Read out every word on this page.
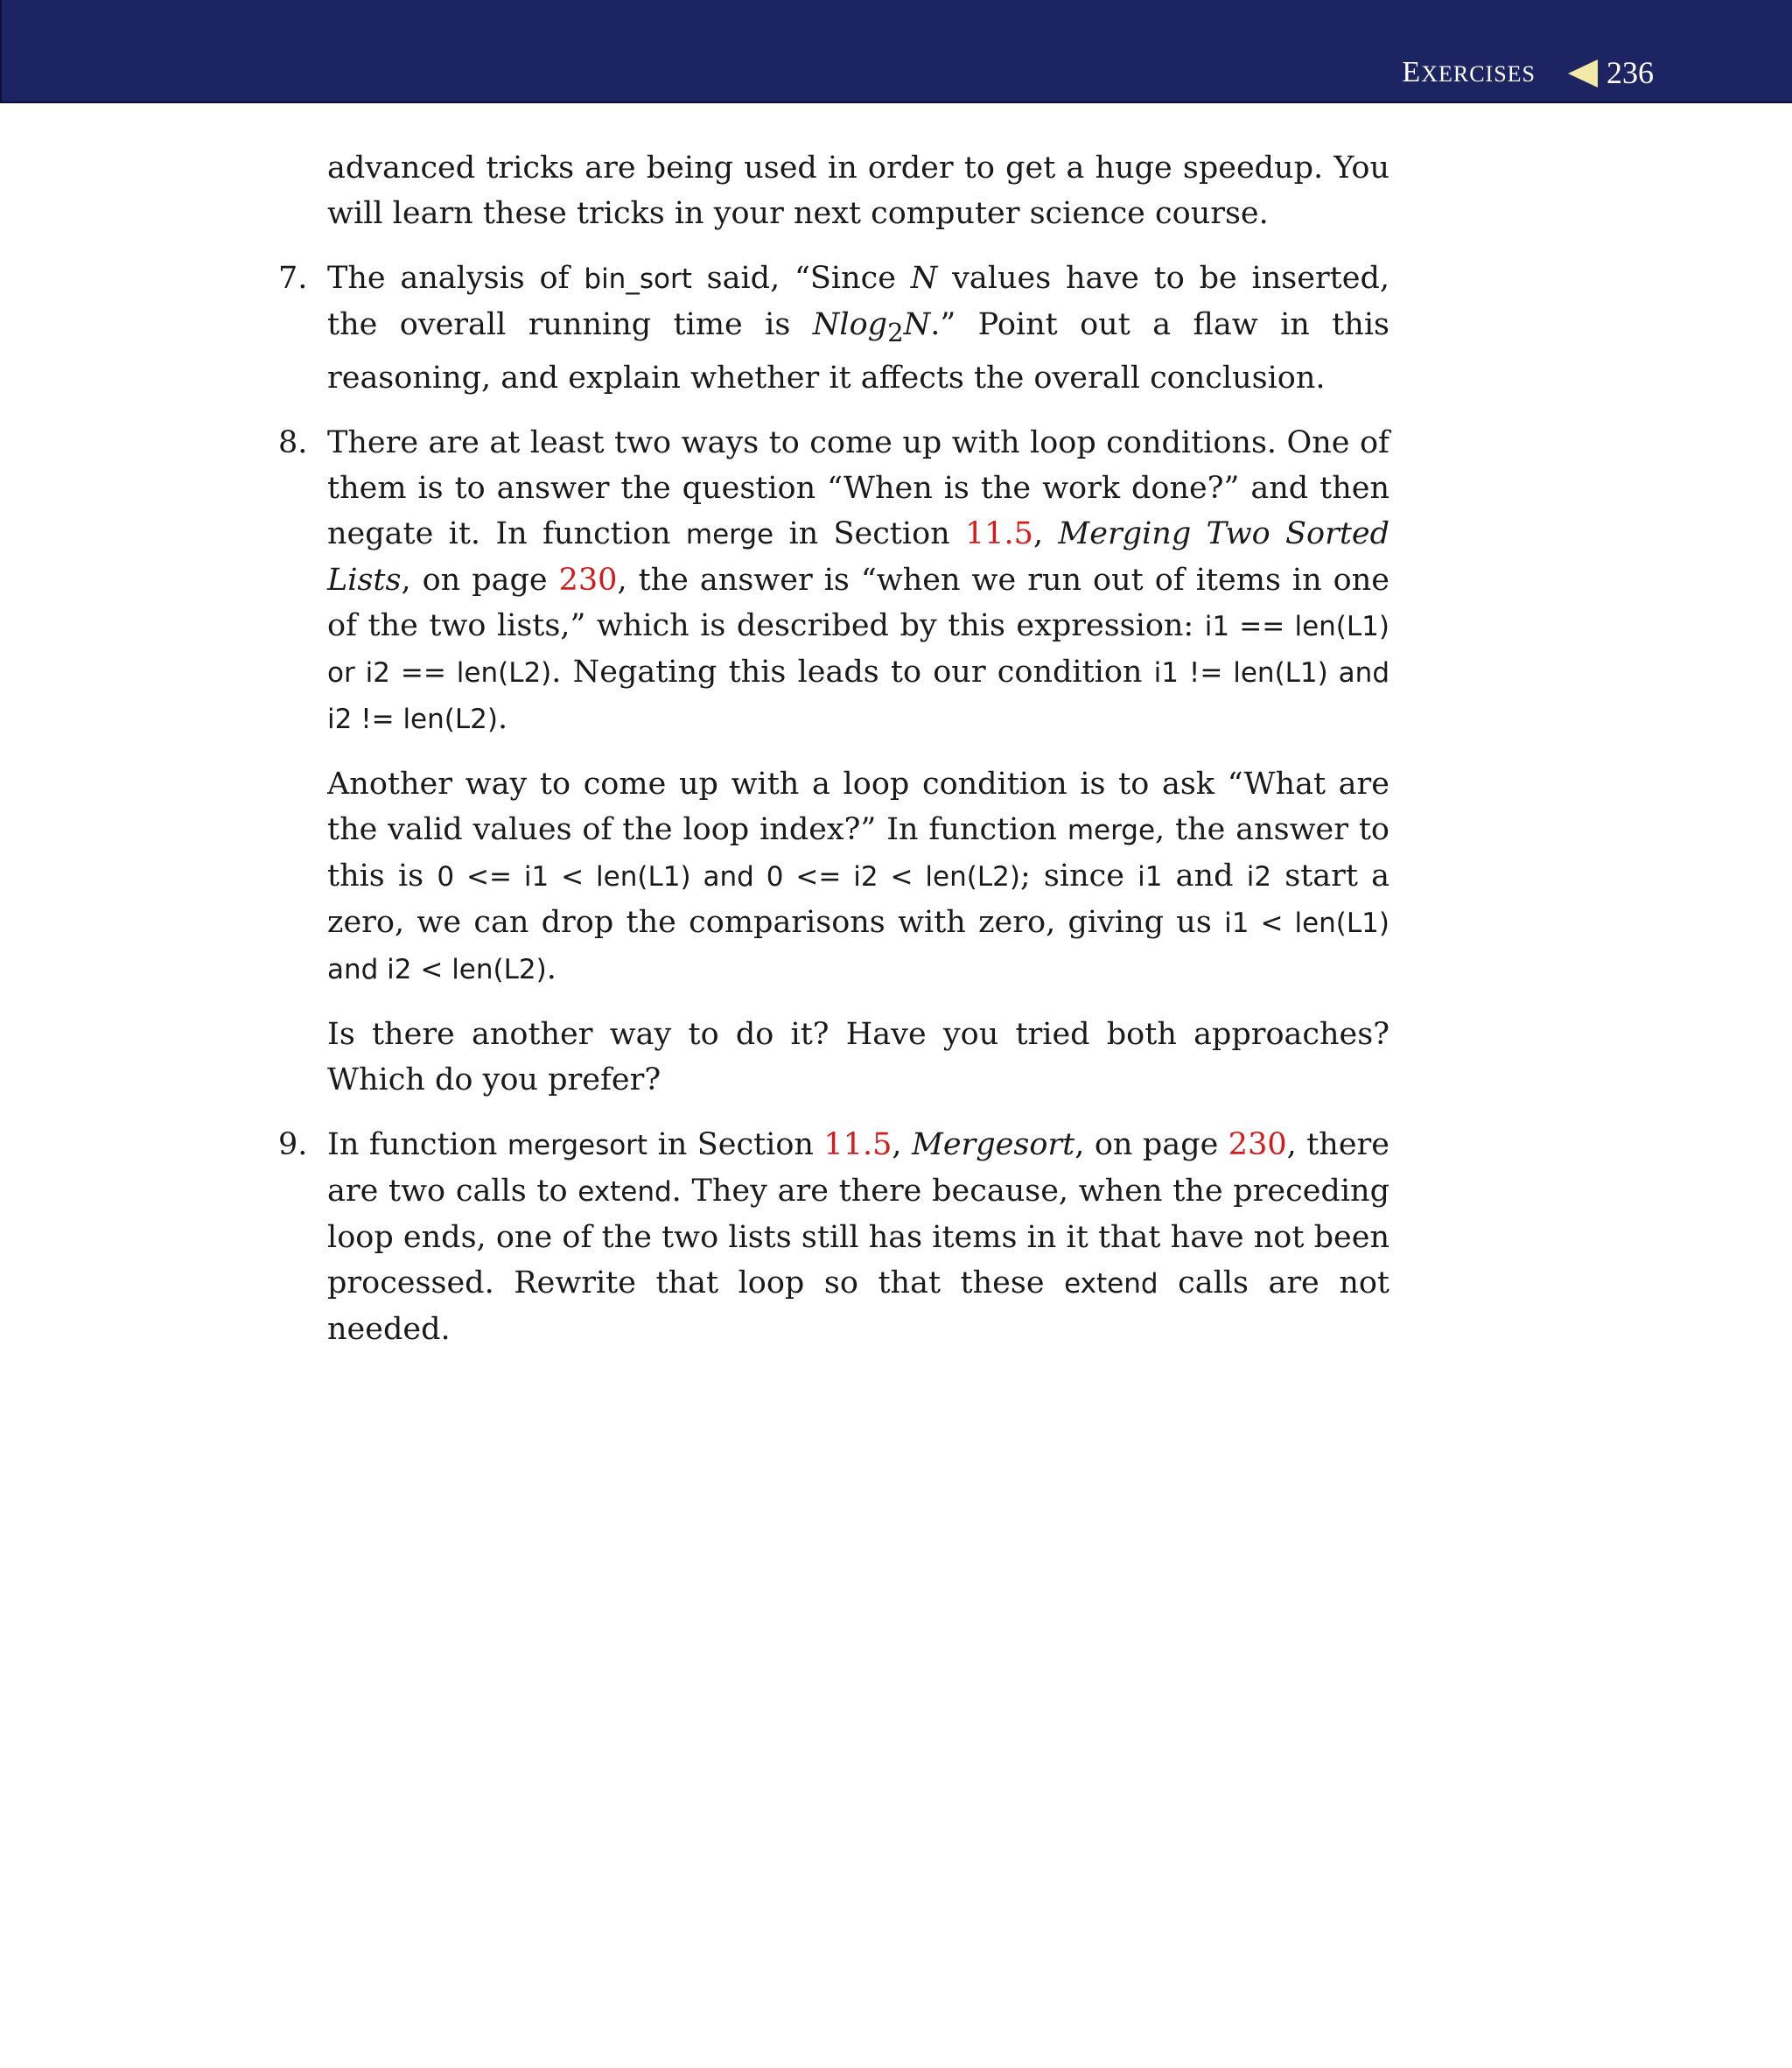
EXERCISES 236

advanced tricks are being used in order to get a huge speedup. You will learn these tricks in your next computer science course.

7. The analysis of bin_sort said, “Since N values have to be inserted, the overall running time is Nlog$_2$N.” Point out a flaw in this reasoning, and explain whether it affects the overall conclusion.

8. There are at least two ways to come up with loop conditions. One of them is to answer the question “When is the work done?” and then negate it. In function merge in Section 11.5, Merging Two Sorted Lists, on page 230, the answer is “when we run out of items in one of the two lists,” which is described by this expression: i1 == len(L1) or i2 == len(L2). Negating this leads to our condition i1 != len(L1) and i2 != len(L2).

Another way to come up with a loop condition is to ask “What are the valid values of the loop index?” In function merge, the answer to this is 0 <= i1 < len(L1) and 0 <= i2 < len(L2); since i1 and i2 start a zero, we can drop the comparisons with zero, giving us i1 < len(L1) and i2 < len(L2).

Is there another way to do it? Have you tried both approaches? Which do you prefer?

9. In function mergesort in Section 11.5, Mergesort, on page 230, there are two calls to extend. They are there because, when the preceding loop ends, one of the two lists still has items in it that have not been processed. Rewrite that loop so that these extend calls are not needed.
